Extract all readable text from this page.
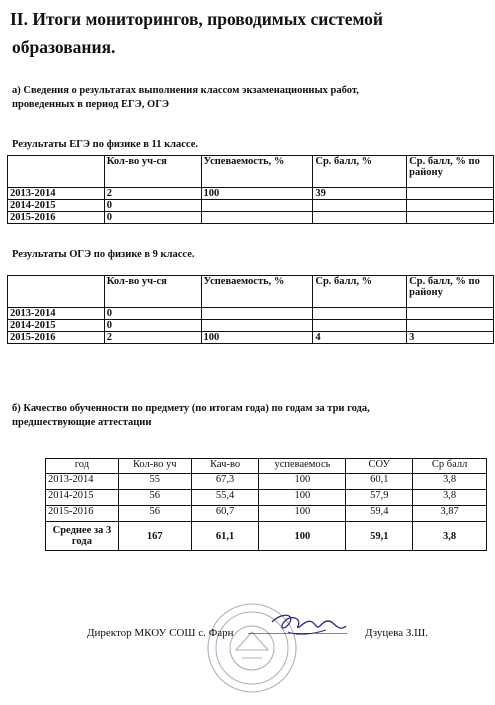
II. Итоги мониторингов, проводимых системой
образования.
а) Сведения о результатах выполнения классом экзаменационных работ,
проведенных в период ЕГЭ, ОГЭ
Результаты ЕГЭ по физике в 11 классе.
	Кол-во уч-ся	Успеваемость, %	Ср. балл, %	Ср. балл, % по району
2013-2014	2	100	39	
2014-2015	0			
2015-2016	0			
Результаты ОГЭ по физике в 9 классе.
	Кол-во уч-ся	Успеваемость, %	Ср. балл, %	Ср. балл, % по району
2013-2014	0			
2014-2015	0			
2015-2016	2	100	4	3
б) Качество обученности по предмету (по итогам года) по годам за три года,
предшествующие аттестации
год	Кол-во уч	Кач-во	успеваемось	СОУ	Ср балл
2013-2014	55	67,3	100	60,1	3,8
2014-2015	56	55,4	100	57,9	3,8
2015-2016	56	60,7	100	59,4	3,87
Среднее за 3 года	167	61,1	100	59,1	3,8
Директор МКОУ СОШ с. Фарн __________________ Дзуцева З.Ш.
